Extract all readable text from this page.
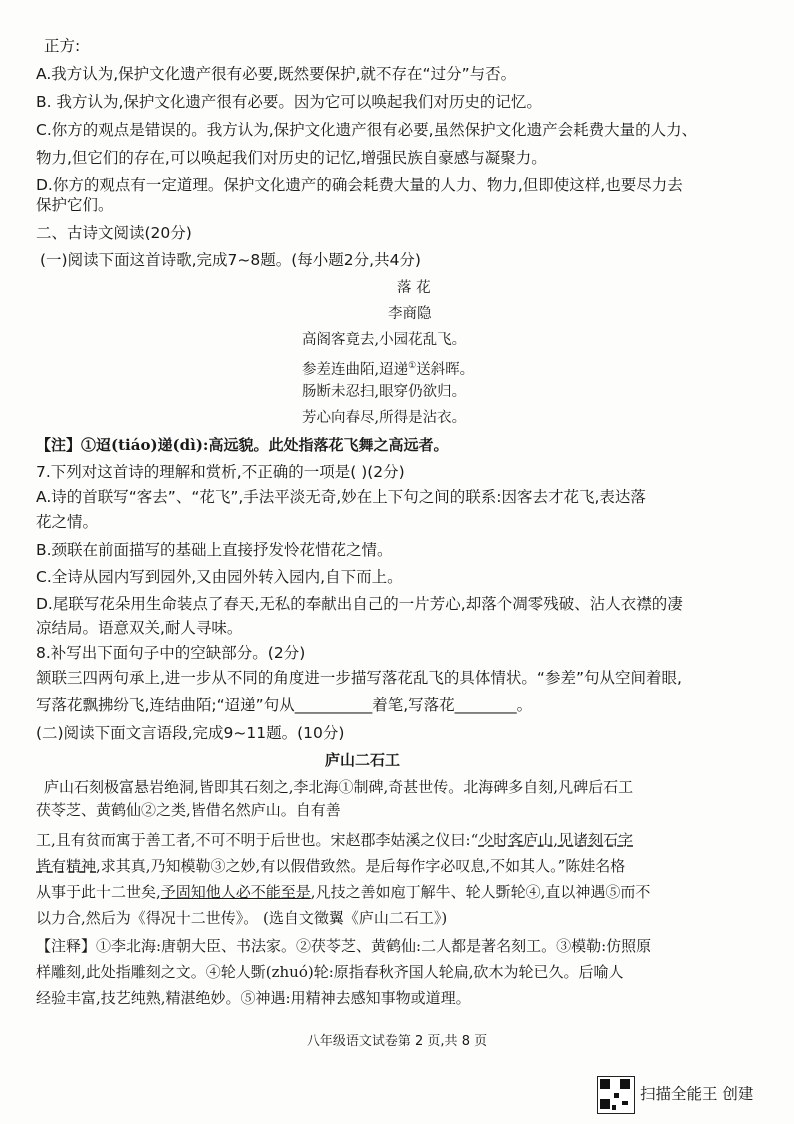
正方:
A.我方认为,保护文化遗产很有必要,既然要保护,就不存在“过分”与否。
B. 我方认为,保护文化遗产很有必要。因为它可以唤起我们对历史的记忆。
C.你方的观点是错误的。我方认为,保护文化遗产很有必要,虽然保护文化遗产会耗费大量的人力、
物力,但它们的存在,可以唤起我们对历史的记忆,增强民族自豪感与凝聚力。
D.你方的观点有一定道理。保护文化遗产的确会耗费大量的人力、物力,但即使这样,也要尽力去
保护它们。
二、古诗文阅读(20分)
(一)阅读下面这首诗歌,完成7~8题。(每小题2分,共4分)
落 花
李商隐
高阁客竟去,小园花乱飞。
参差连曲陌,迢递①送斜晖。
肠断未忍扫,眼穿仍欲归。
芳心向春尽,所得是沾衣。
【注】①迢(tiáo)递(dì):高远貌。此处指落花飞舞之高远者。
7.下列对这首诗的理解和赏析,不正确的一项是( )(2分)
A.诗的首联写“客去”、“花飞”,手法平淡无奇,妙在上下句之间的联系:因客去才花飞,表达落
花之情。
B.颈联在前面描写的基础上直接抒发怜花惜花之情。
C.全诗从园内写到园外,又由园外转入园内,自下而上。
D.尾联写花朵用生命装点了春天,无私的奉献出自己的一片芳心,却落个凋零残破、沾人衣襟的凄
凉结局。语意双关,耐人寻味。
8.补写出下面句子中的空缺部分。(2分)
颔联三四两句承上,进一步从不同的角度进一步描写落花乱飞的具体情状。“参差”句从空间着眼,
写落花飘拂纷飞,连结曲陌;“迢递”句从__________着笔,写落花________。
(二)阅读下面文言语段,完成9~11题。(10分)
庐山二石工
庐山石刻极富悬岩绝洞,皆即其石刻之,李北海①制碑,奇甚世传。北海碑多自刻,凡碑后石工
茯苓芝、黄鹤仙②之类,皆借名然庐山。自有善
工,且有贫而寓于善工者,不可不明于后世也。宋赵郡李姑溪之仪曰:“少时客庐山,见诸刻石字
皆有精神,求其真,乃知模勒③之妙,有以假借致然。是后每作字必叹息,不如其人。”陈娃名格
从事于此十二世矣,予固知他人必不能至是,凡技之善如庖丁解牛、轮人斲轮④,直以神遇⑤而不
以力合,然后为《得况十二世传》。 (选自文徵翼《庐山二石工》)
【注释】①李北海:唐朝大臣、书法家。②茯苓芝、黄鹤仙:二人都是著名刻工。③模勒:仿照原
样雕刻,此处指雕刻之文。④轮人斲(zhuó)轮:原指春秋齐国人轮扁,砍木为轮已久。后喻人
经验丰富,技艺纯熟,精湛绝妙。⑤神遇:用精神去感知事物或道理。
八年级语文试卷第 2 页,共 8 页
扫描全能王 创建
